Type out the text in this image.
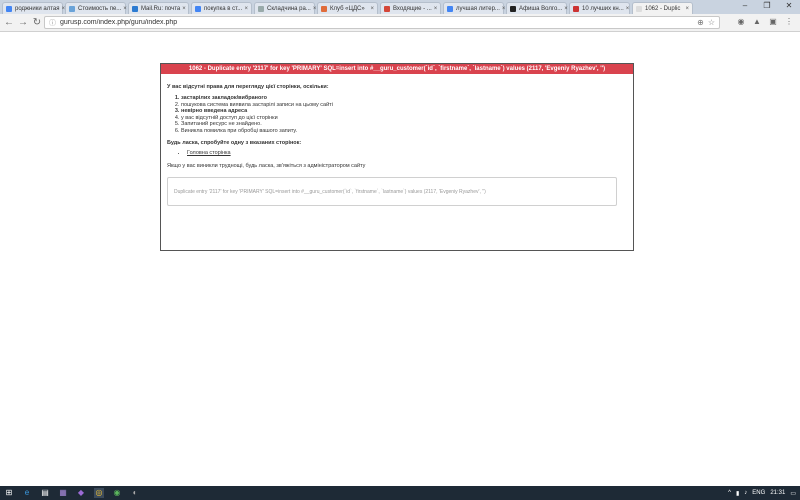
роджники алтая × Стоимость пе... × Mail.Ru: почта ×	покупка в ст... ×	Складчина ра... × Клуб «ЦДС» ×	Входящие - ... ×	лучшая литер... × Афиша Волго... × 10 лучших кн... ×	1062 - Duplic ×	–	❐	✕
← → ↻ ⓘ
gurusp.com/index.php/guru/index.php	⊕ ☆	◉ ▲ ▣ ⋮
1062 - Duplicate entry '2117' for key 'PRIMARY' SQL=insert into #__guru_customer(`id`, `firstname`, `lastname`) values (2117, 'Evgeniy Ryazhev', '')

У вас відсутні права для перегляду цієї сторінки, оскільки:

1. застарілих закладок/вибраного
2. пошукова система виявила застарілі записи на цьому сайті
3. невірно введена адреса
4. у вас відсутній доступ до цієї сторінки
5. Запитаний ресурс не знайдено.
6. Виникла помилка при обробці вашого запиту.

Будь ласка, спробуйте одну з вказаних сторінок:

• Головна сторінка

Якщо у вас виникли труднощі, будь ласка, зв'яжіться з адміністратором сайту

Duplicate entry '2117' for key 'PRIMARY' SQL=insert into #__guru_customer(`id`, `firstname`, `lastname`) values (2117, 'Evgeniy Ryazhev', '')
⊞	e	▤ ▦ ◆ ◎ ◉	◐	^ ▮ ♪ ENG 21:31 ▭
